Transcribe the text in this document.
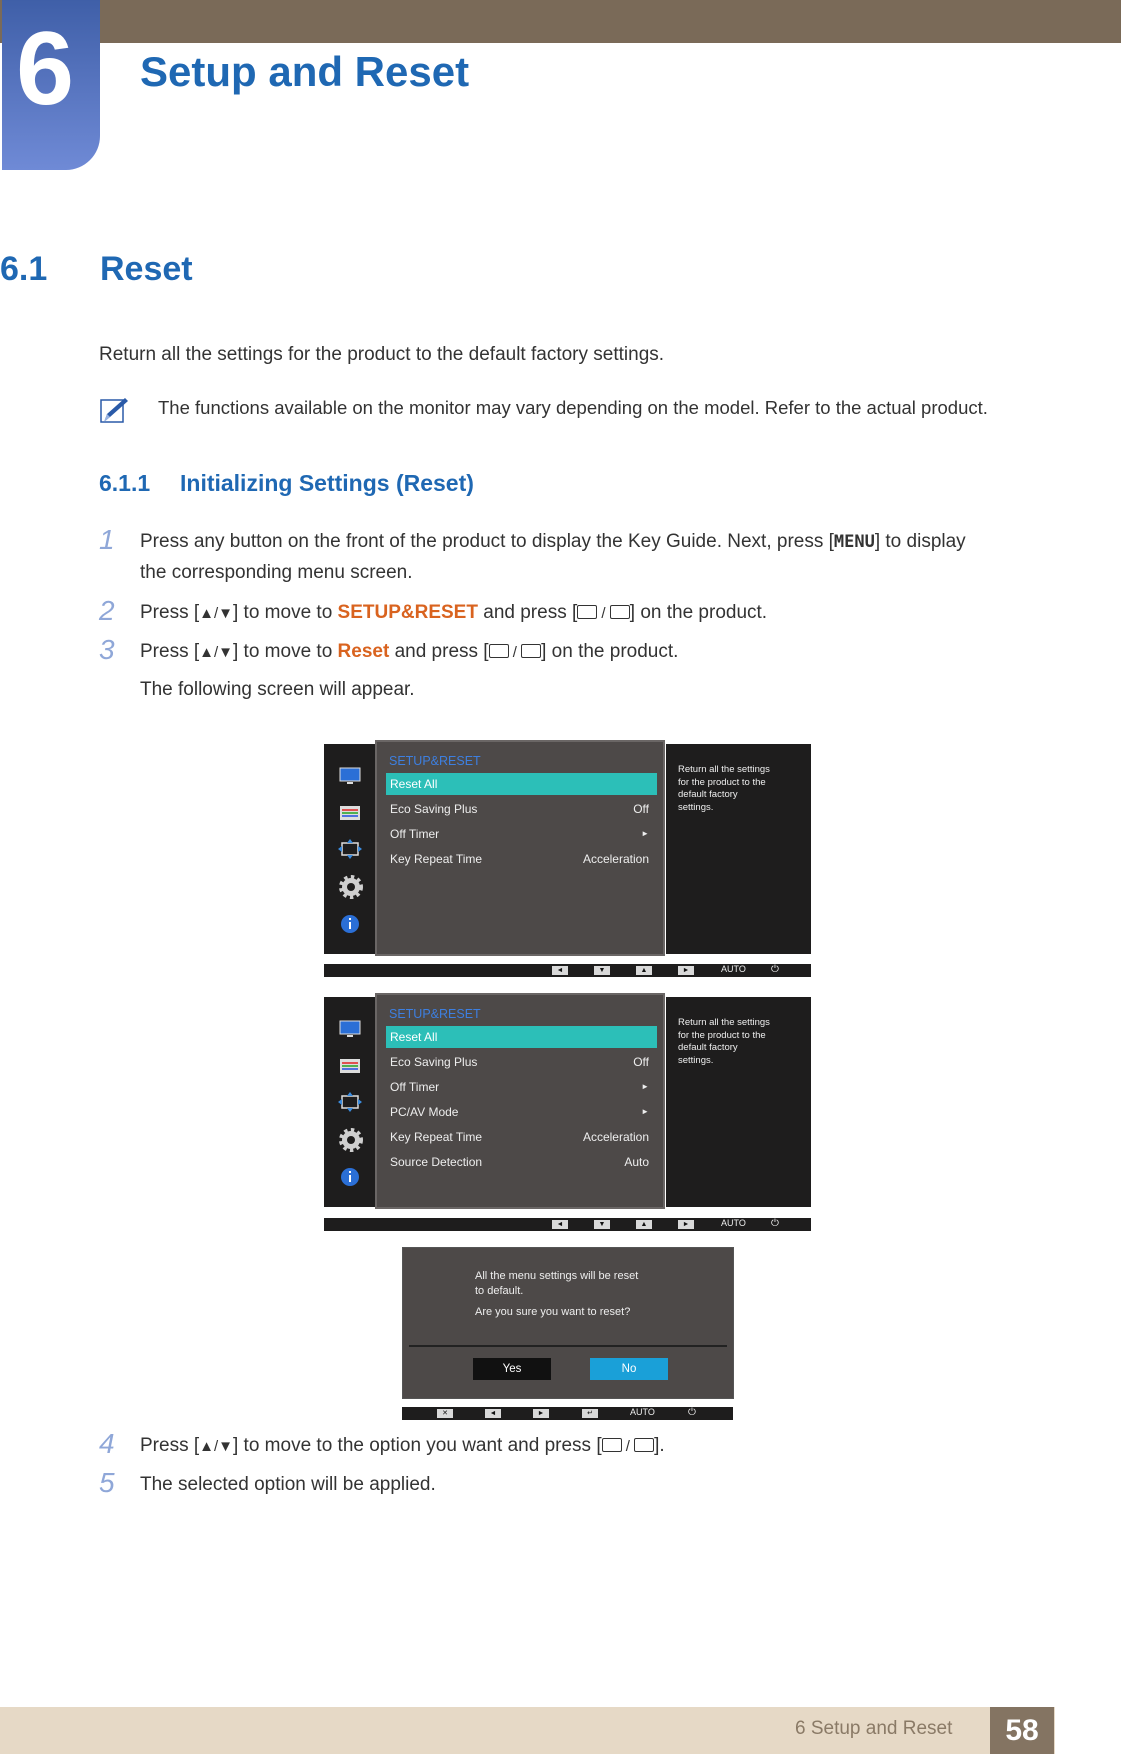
6	Setup and Reset
6.1 Reset
Return all the settings for the product to the default factory settings.
The functions available on the monitor may vary depending on the model. Refer to the actual product.
6.1.1 Initializing Settings (Reset)
1 Press any button on the front of the product to display the Key Guide. Next, press [MENU] to display
the corresponding menu screen.
2 Press [▲/▼] to move to SETUP&RESET and press [ / ] on the product.
3 Press [▲/▼] to move to Reset and press [ / ] on the product.
The following screen will appear.
SETUP&RESET
Reset All
Eco Saving Plus	Off
Off Timer	►
Key Repeat Time	Acceleration
Return all the settings for the product to the default factory settings.
◄	▼	▲	►	AUTO	⏻
SETUP&RESET
Reset All
Eco Saving Plus	Off
Off Timer	►
PC/AV Mode	►
Key Repeat Time	Acceleration
Source Detection	Auto
Return all the settings for the product to the default factory settings.
◄	▼	▲	►	AUTO	⏻
All the menu settings will be reset
to default.
Are you sure you want to reset?
Yes	No
✕	◄	►	↵	AUTO	⏻
4 Press [▲/▼] to move to the option you want and press [ / ].
5 The selected option will be applied.
6 Setup and Reset	58
